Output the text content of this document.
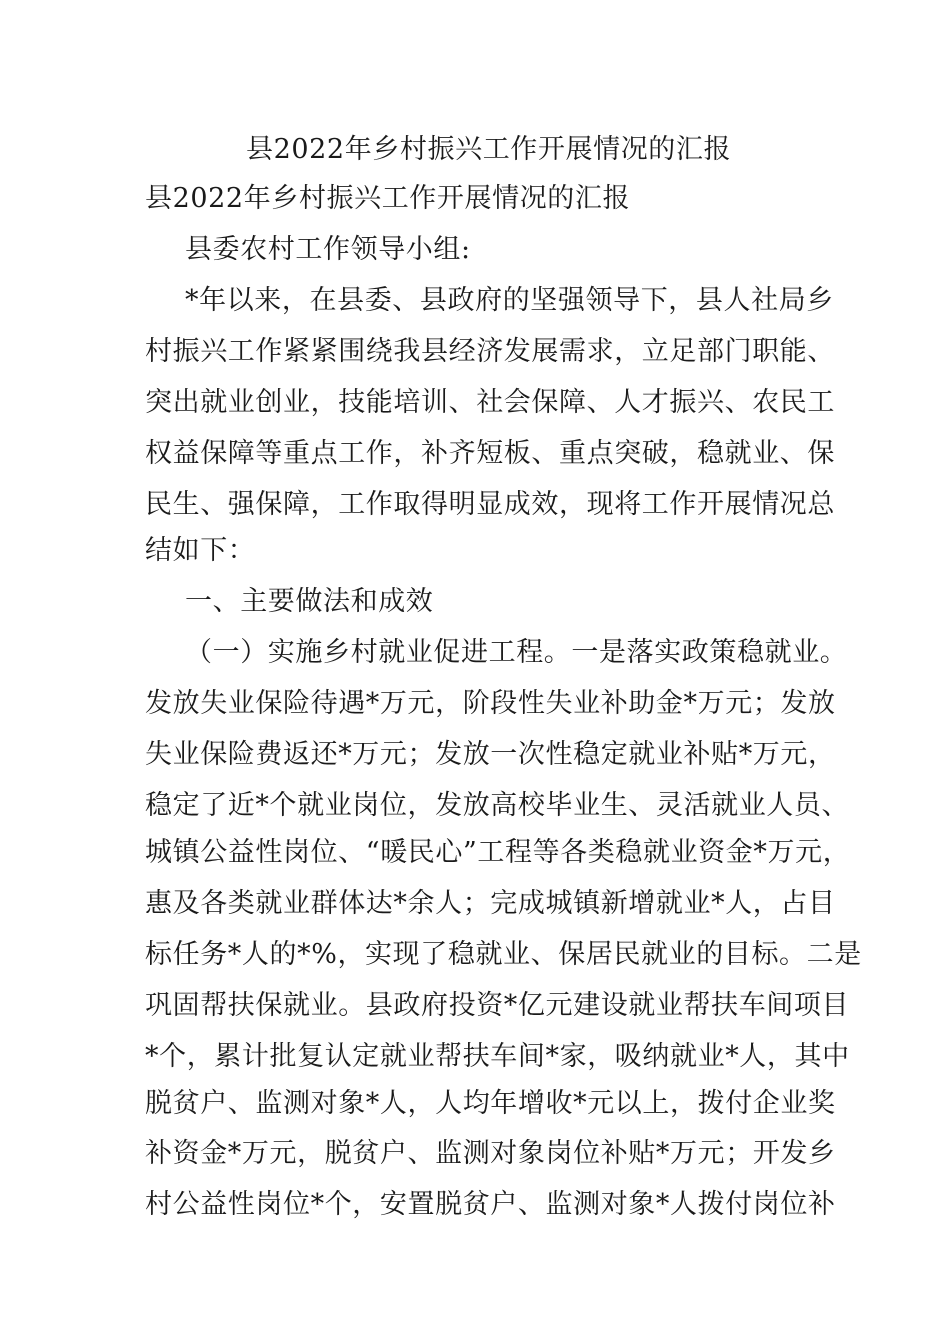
县2022年乡村振兴工作开展情况的汇报
县2022年乡村振兴工作开展情况的汇报
县委农村工作领导小组:
*年以来，在县委、县政府的坚强领导下，县人社局乡
村振兴工作紧紧围绕我县经济发展需求，立足部门职能、
突出就业创业，技能培训、社会保障、人才振兴、农民工
权益保障等重点工作，补齐短板、重点突破，稳就业、保
民生、强保障，工作取得明显成效，现将工作开展情况总
结如下：
一、主要做法和成效
（一）实施乡村就业促进工程。一是落实政策稳就业。
发放失业保险待遇*万元，阶段性失业补助金*万元；发放
失业保险费返还*万元；发放一次性稳定就业补贴*万元，
稳定了近*个就业岗位，发放高校毕业生、灵活就业人员、
城镇公益性岗位、“暖民心”工程等各类稳就业资金*万元，
惠及各类就业群体达*余人；完成城镇新增就业*人，占目
标任务*人的*%，实现了稳就业、保居民就业的目标。二是
巩固帮扶保就业。县政府投资*亿元建设就业帮扶车间项目
*个，累计批复认定就业帮扶车间*家，吸纳就业*人，其中
脱贫户、监测对象*人，人均年增收*元以上，拨付企业奖
补资金*万元，脱贫户、监测对象岗位补贴*万元；开发乡
村公益性岗位*个，安置脱贫户、监测对象*人拨付岗位补
